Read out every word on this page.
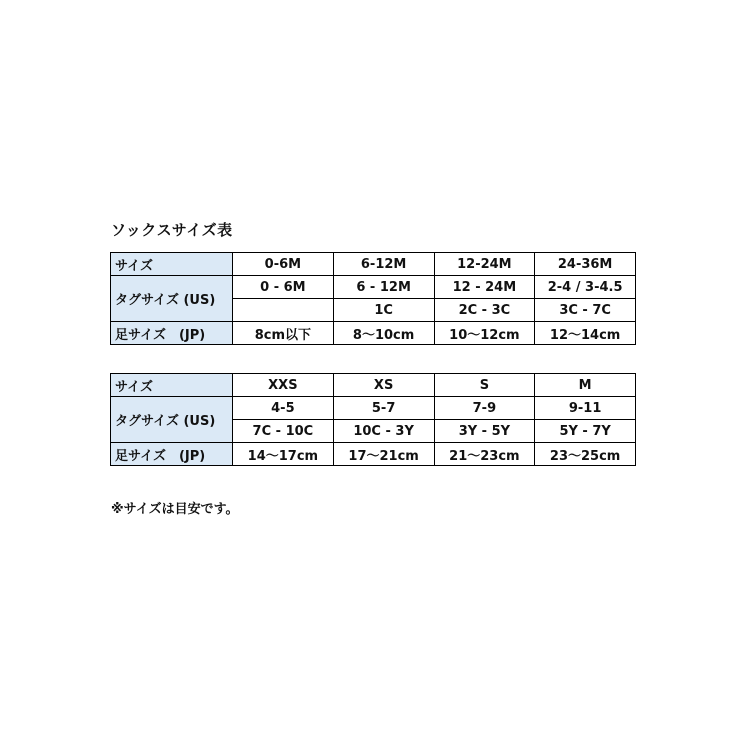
ソックスサイズ表
サイズ	0-6M	6-12M	12-24M	24-36M
タグサイズ (US)	0 - 6M	6 - 12M	12 - 24M	2-4 / 3-4.5
		1C	2C - 3C	3C - 7C
足サイズ　(JP)	8cm以下	8～10cm	10～12cm	12～14cm
サイズ	XXS	XS	S	M
タグサイズ (US)	4-5	5-7	7-9	9-11
	7C - 10C	10C - 3Y	3Y - 5Y	5Y - 7Y
足サイズ　(JP)	14～17cm	17～21cm	21～23cm	23～25cm
※サイズは目安です。
